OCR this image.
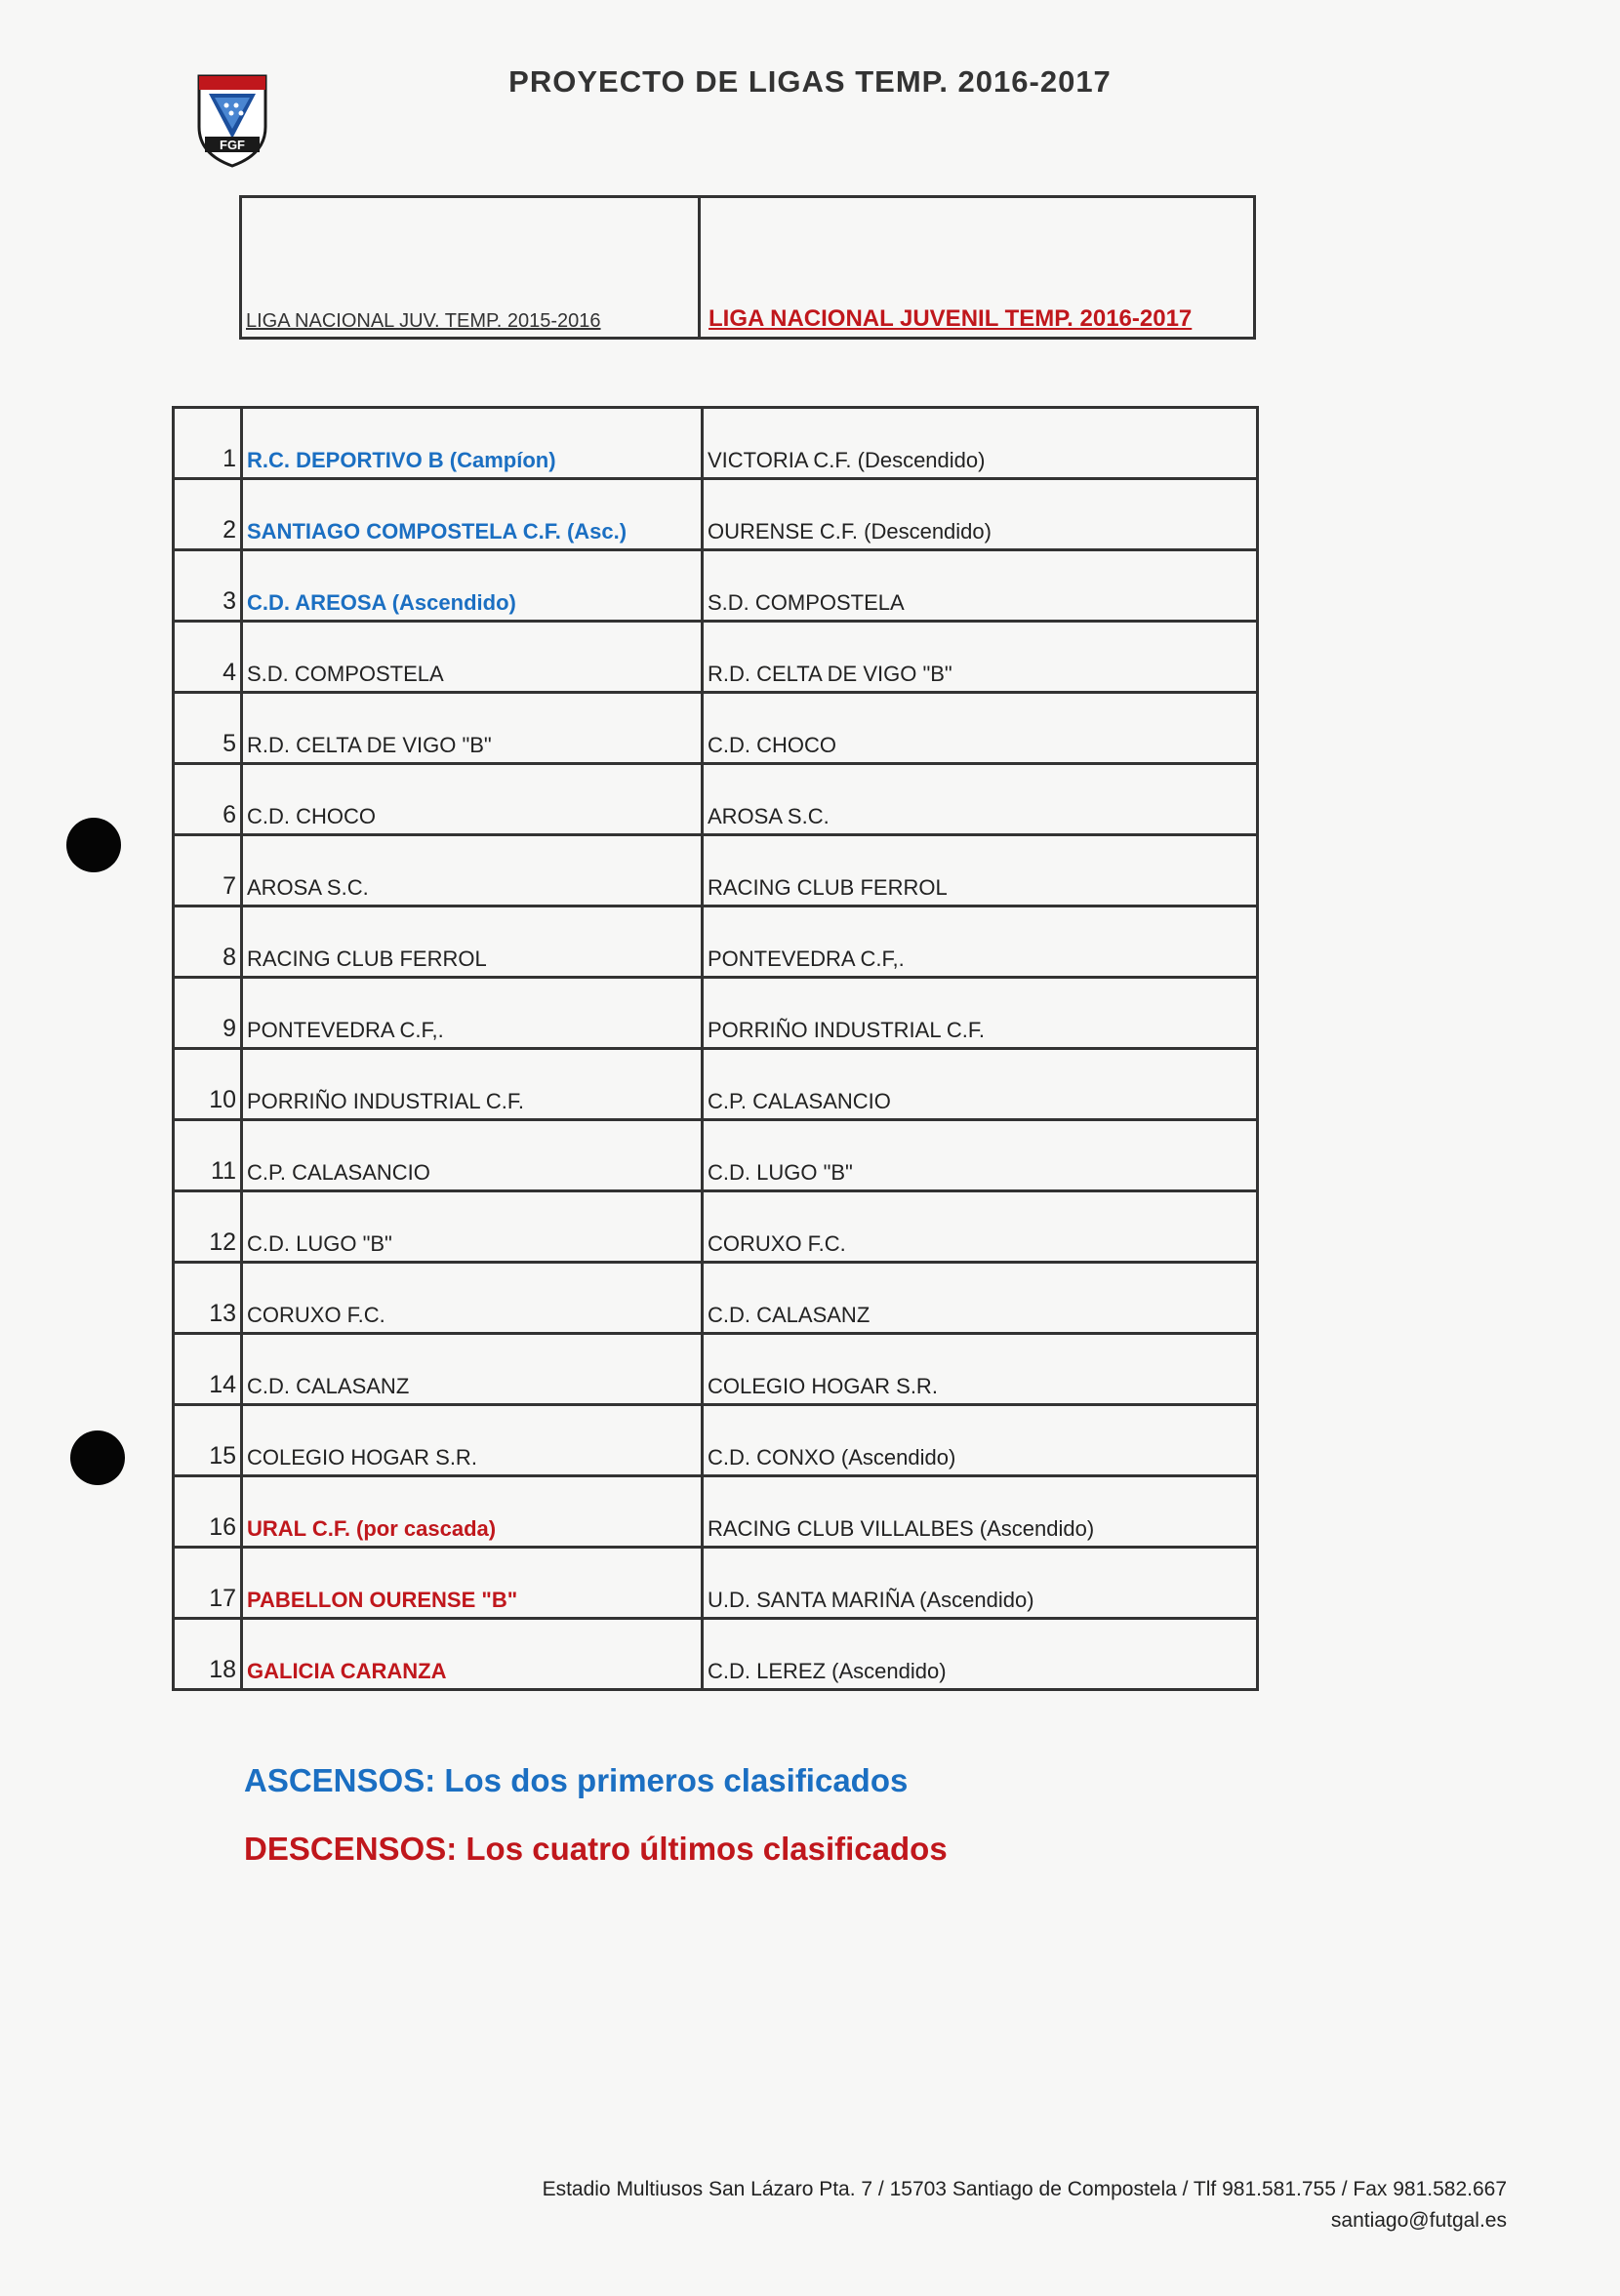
FGF
PROYECTO DE LIGAS TEMP. 2016-2017
LIGA NACIONAL JUV. TEMP. 2015-2016	LIGA NACIONAL JUVENIL TEMP. 2016-2017
1	R.C. DEPORTIVO B (Campíon)	VICTORIA C.F. (Descendido)
2	SANTIAGO COMPOSTELA C.F. (Asc.)	OURENSE C.F. (Descendido)
3	C.D. AREOSA (Ascendido)	S.D. COMPOSTELA
4	S.D. COMPOSTELA	R.D. CELTA DE VIGO "B"
5	R.D. CELTA DE VIGO "B"	C.D. CHOCO
6	C.D. CHOCO	AROSA S.C.
7	AROSA S.C.	RACING CLUB FERROL
8	RACING CLUB FERROL	PONTEVEDRA C.F,.
9	PONTEVEDRA C.F,.	PORRIÑO INDUSTRIAL C.F.
10	PORRIÑO INDUSTRIAL C.F.	C.P. CALASANCIO
11	C.P. CALASANCIO	C.D. LUGO "B"
12	C.D. LUGO "B"	CORUXO F.C.
13	CORUXO F.C.	C.D. CALASANZ
14	C.D. CALASANZ	COLEGIO HOGAR S.R.
15	COLEGIO HOGAR S.R.	C.D. CONXO (Ascendido)
16	URAL C.F. (por cascada)	RACING CLUB VILLALBES (Ascendido)
17	PABELLON OURENSE "B"	U.D. SANTA MARIÑA (Ascendido)
18	GALICIA CARANZA	C.D. LEREZ (Ascendido)
ASCENSOS: Los dos primeros clasificados
DESCENSOS: Los cuatro últimos clasificados
Estadio Multiusos San Lázaro Pta. 7 / 15703 Santiago de Compostela / Tlf 981.581.755 / Fax 981.582.667
santiago@futgal.es
